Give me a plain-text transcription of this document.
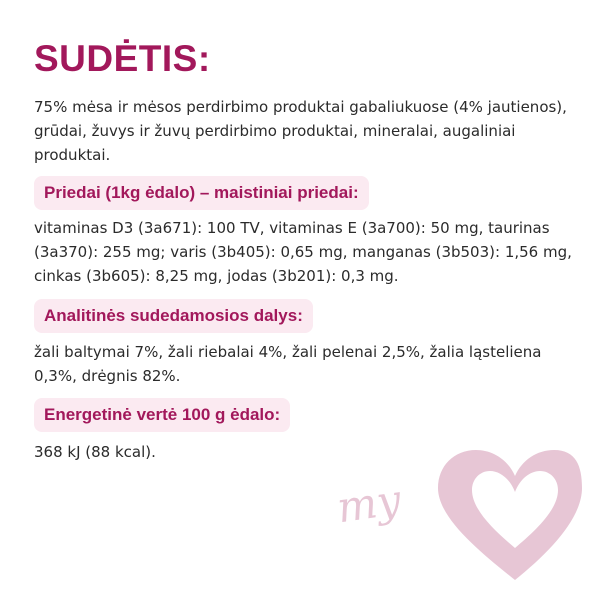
SUDĖTIS:
75% mėsa ir mėsos perdirbimo produktai gabaliukuose (4% jautienos), grūdai, žuvys ir žuvų perdirbimo produktai, mineralai, augaliniai produktai.
Priedai (1kg ėdalo) – maistiniai priedai:
vitaminas D3 (3a671): 100 TV, vitaminas E (3a700): 50 mg, taurinas (3a370): 255 mg; varis (3b405): 0,65 mg, manganas (3b503): 1,56 mg, cinkas (3b605): 8,25 mg, jodas (3b201): 0,3 mg.
Analitinės sudedamosios dalys:
žali baltymai 7%, žali riebalai 4%, žali pelenai 2,5%, žalia ląsteliena 0,3%, drėgnis 82%.
Energetinė vertė 100 g ėdalo:
368 kJ (88 kcal).
my
